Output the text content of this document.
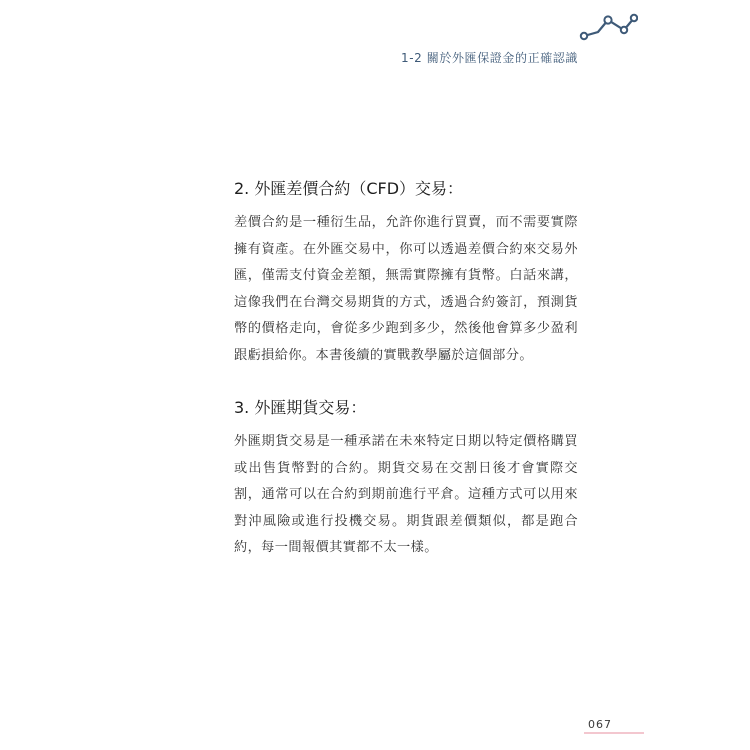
1-2 關於外匯保證金的正確認識
2. 外匯差價合約（CFD）交易：

差價合約是一種衍生品，允許你進行買賣，而不需要實際擁有資產。在外匯交易中，你可以透過差價合約來交易外匯，僅需支付資金差額，無需實際擁有貨幣。白話來講，這像我們在台灣交易期貨的方式，透過合約簽訂，預測貨幣的價格走向，會從多少跑到多少，然後他會算多少盈利跟虧損給你。本書後續的實戰教學屬於這個部分。

3. 外匯期貨交易：

外匯期貨交易是一種承諾在未來特定日期以特定價格購買或出售貨幣對的合約。期貨交易在交割日後才會實際交割，通常可以在合約到期前進行平倉。這種方式可以用來對沖風險或進行投機交易。期貨跟差價類似，都是跑合約，每一間報價其實都不太一樣。

067
